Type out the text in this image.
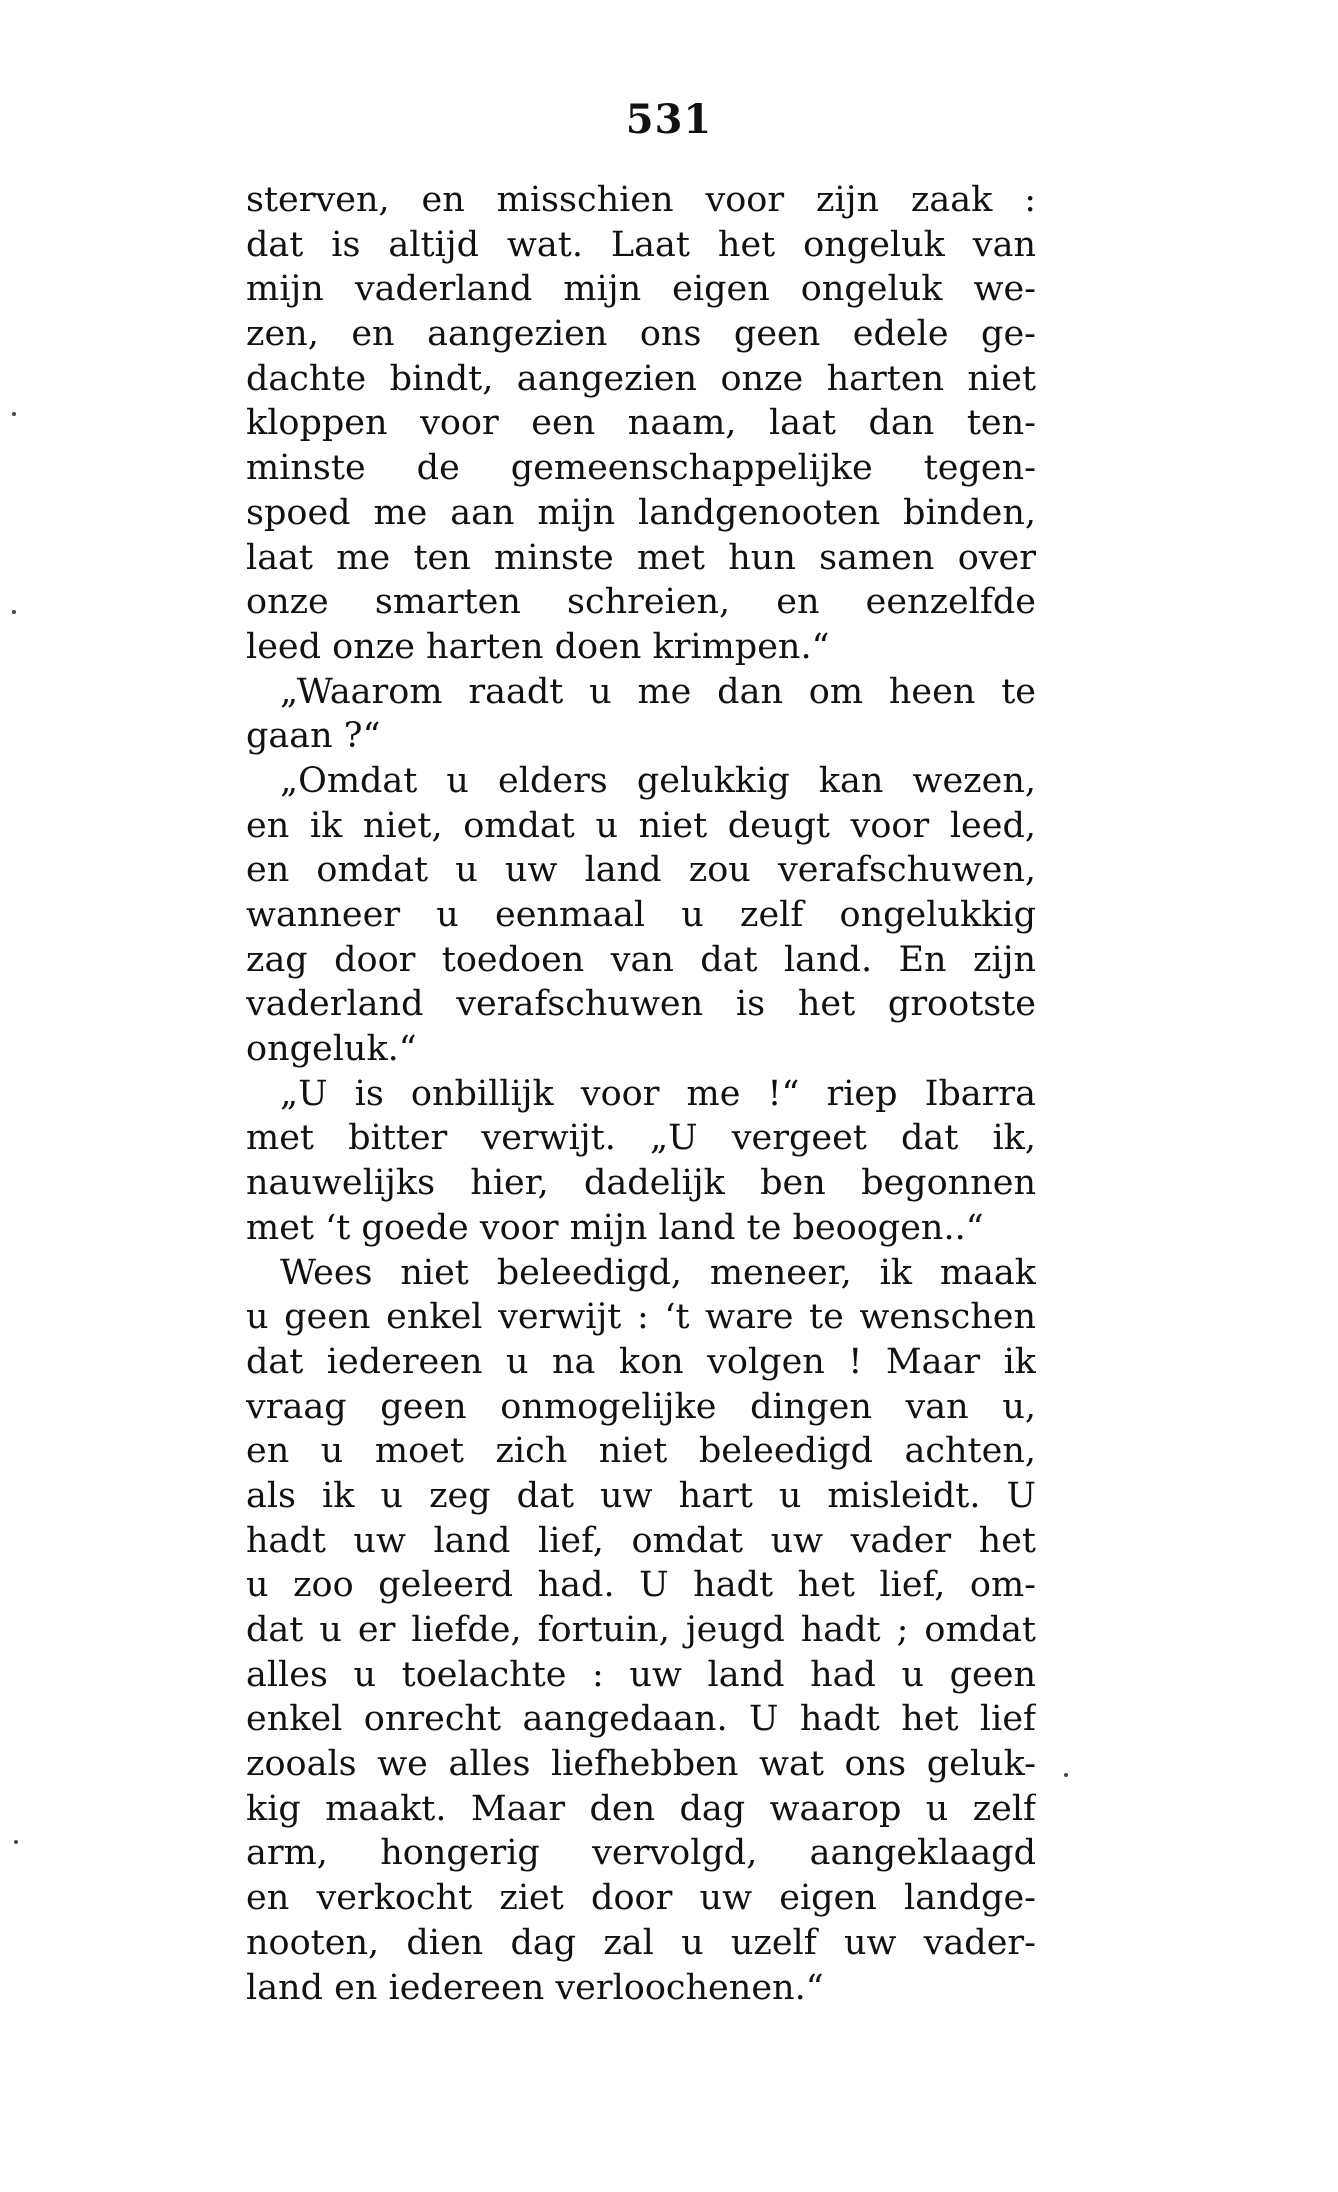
531
sterven, en misschien voor zijn zaak :
dat is altijd wat. Laat het ongeluk van
mijn vaderland mijn eigen ongeluk we-
zen, en aangezien ons geen edele ge-
dachte bindt, aangezien onze harten niet
kloppen voor een naam, laat dan ten-
minste de gemeenschappelijke tegen-
spoed me aan mijn landgenooten binden,
laat me ten minste met hun samen over
onze smarten schreien, en eenzelfde
leed onze harten doen krimpen.“
„Waarom raadt u me dan om heen te
gaan ?“
„Omdat u elders gelukkig kan wezen,
en ik niet, omdat u niet deugt voor leed,
en omdat u uw land zou verafschuwen,
wanneer u eenmaal u zelf ongelukkig
zag door toedoen van dat land. En zijn
vaderland verafschuwen is het grootste
ongeluk.“
„U is onbillijk voor me !“ riep Ibarra
met bitter verwijt. „U vergeet dat ik,
nauwelijks hier, dadelijk ben begonnen
met ‘t goede voor mijn land te beoogen..“
Wees niet beleedigd, meneer, ik maak
u geen enkel verwijt : ‘t ware te wenschen
dat iedereen u na kon volgen ! Maar ik
vraag geen onmogelijke dingen van u,
en u moet zich niet beleedigd achten,
als ik u zeg dat uw hart u misleidt. U
hadt uw land lief, omdat uw vader het
u zoo geleerd had. U hadt het lief, om-
dat u er liefde, fortuin, jeugd hadt ; omdat
alles u toelachte : uw land had u geen
enkel onrecht aangedaan. U hadt het lief
zooals we alles liefhebben wat ons geluk-
kig maakt. Maar den dag waarop u zelf
arm, hongerig vervolgd, aangeklaagd
en verkocht ziet door uw eigen landge-
nooten, dien dag zal u uzelf uw vader-
land en iedereen verloochenen.“
